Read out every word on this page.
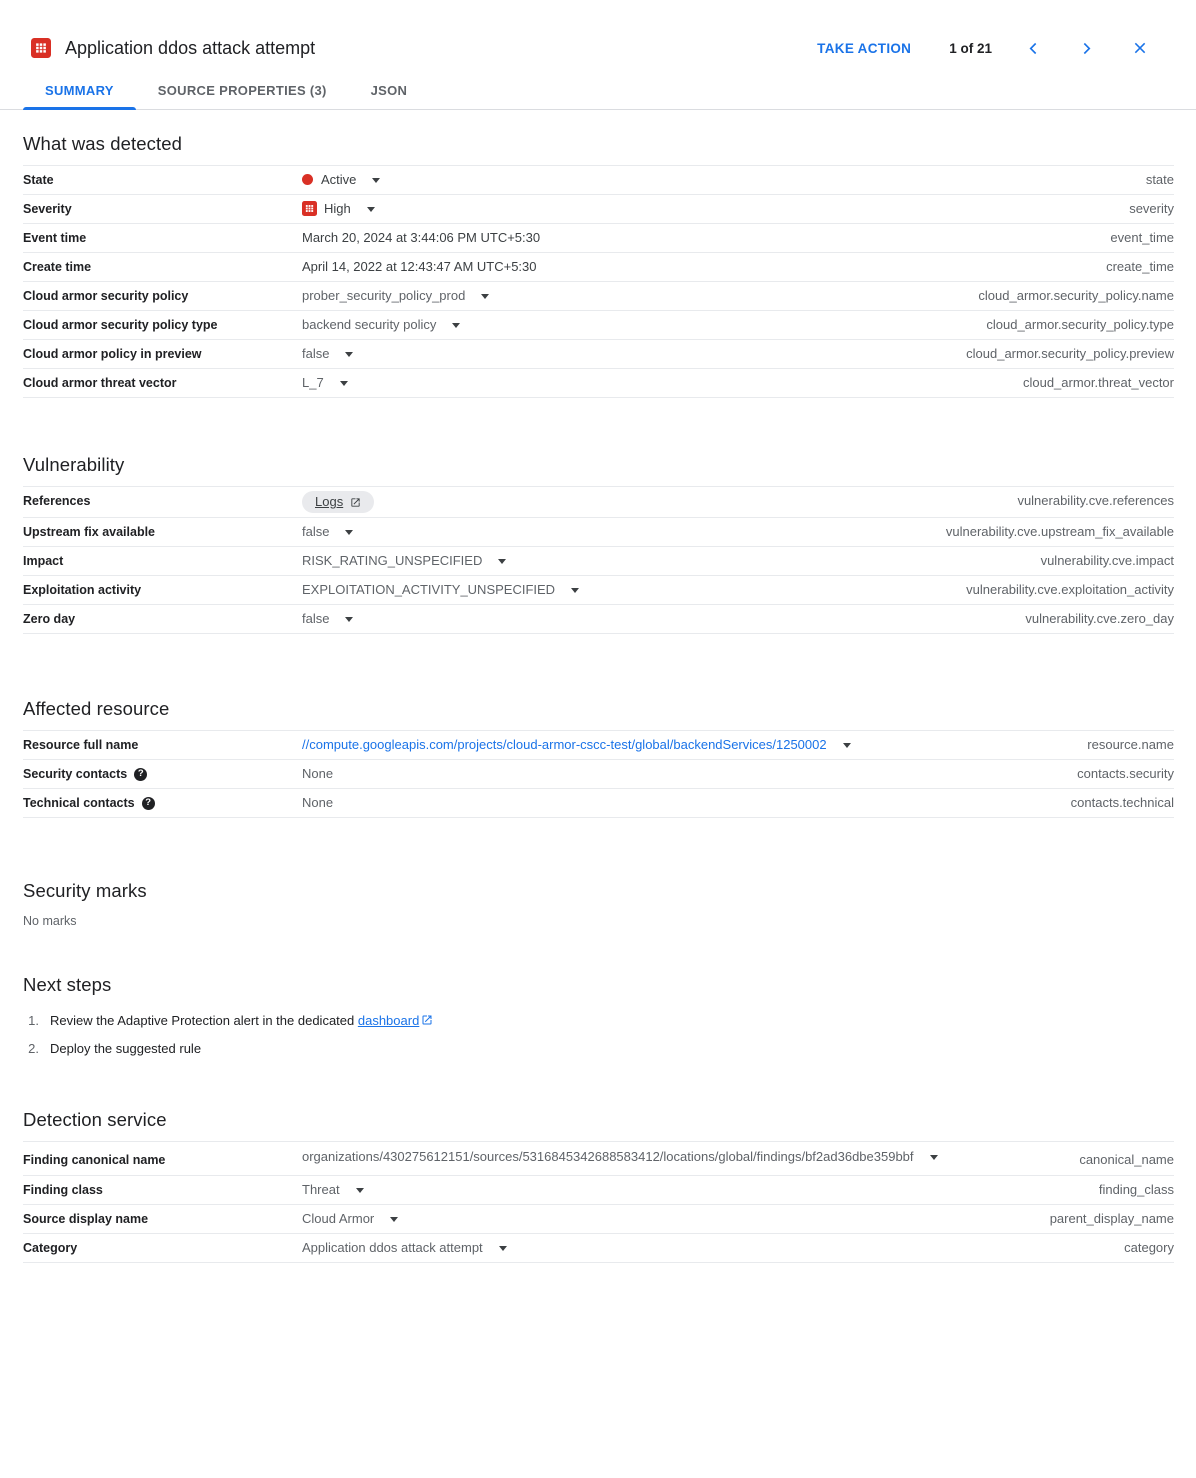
Application ddos attack attempt	TAKE ACTION	1 of 21
SUMMARY	SOURCE PROPERTIES (3)	JSON
What was detected
State	Active	state
Severity	High	severity
Event time	March 20, 2024 at 3:44:06 PM UTC+5:30	event_time
Create time	April 14, 2022 at 12:43:47 AM UTC+5:30	create_time
Cloud armor security policy	prober_security_policy_prod	cloud_armor.security_policy.name
Cloud armor security policy type	backend security policy	cloud_armor.security_policy.type
Cloud armor policy in preview	false	cloud_armor.security_policy.preview
Cloud armor threat vector	L_7	cloud_armor.threat_vector
Vulnerability
References	Logs	vulnerability.cve.references
Upstream fix available	false	vulnerability.cve.upstream_fix_available
Impact	RISK_RATING_UNSPECIFIED	vulnerability.cve.impact
Exploitation activity	EXPLOITATION_ACTIVITY_UNSPECIFIED	vulnerability.cve.exploitation_activity
Zero day	false	vulnerability.cve.zero_day
Affected resource
Resource full name	//compute.googleapis.com/projects/cloud-armor-cscc-test/global/backendServices/1250002	resource.name
Security contacts	?	None	contacts.security
Technical contacts	?	None	contacts.technical
Security marks
No marks
Next steps
1. Review the Adaptive Protection alert in the dedicated dashboard
2. Deploy the suggested rule
Detection service
Finding canonical name	organizations/430275612151/sources/5316845342688583412/locations/global/findings/bf2ad36dbe359bbf	canonical_name
Finding class	Threat	finding_class
Source display name	Cloud Armor	parent_display_name
Category	Application ddos attack attempt	category
